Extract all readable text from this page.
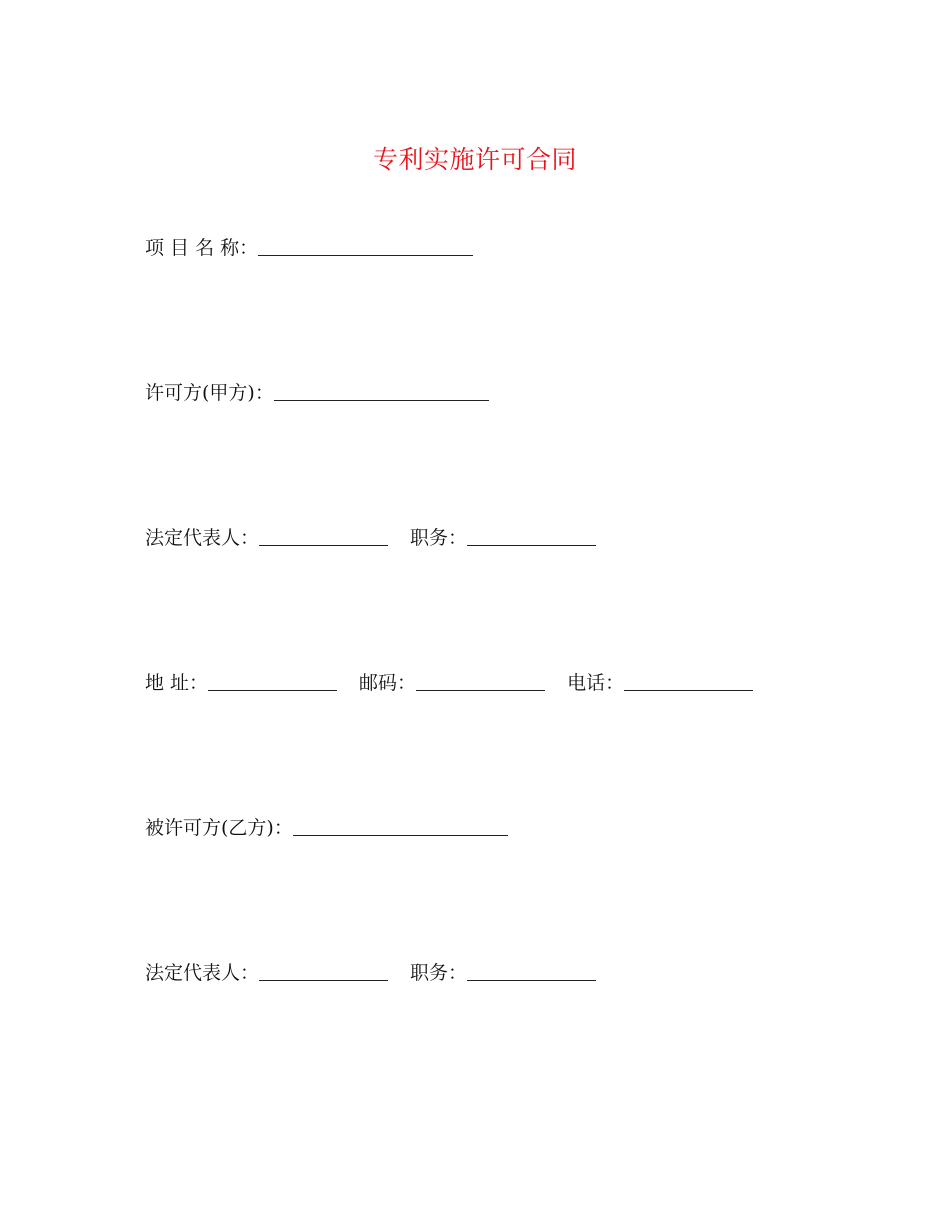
专利实施许可合同
项 目 名 称：
许可方(甲方)：
法定代表人：	职务：
地 址：	邮码：	电话：
被许可方(乙方)：
法定代表人：	职务：
